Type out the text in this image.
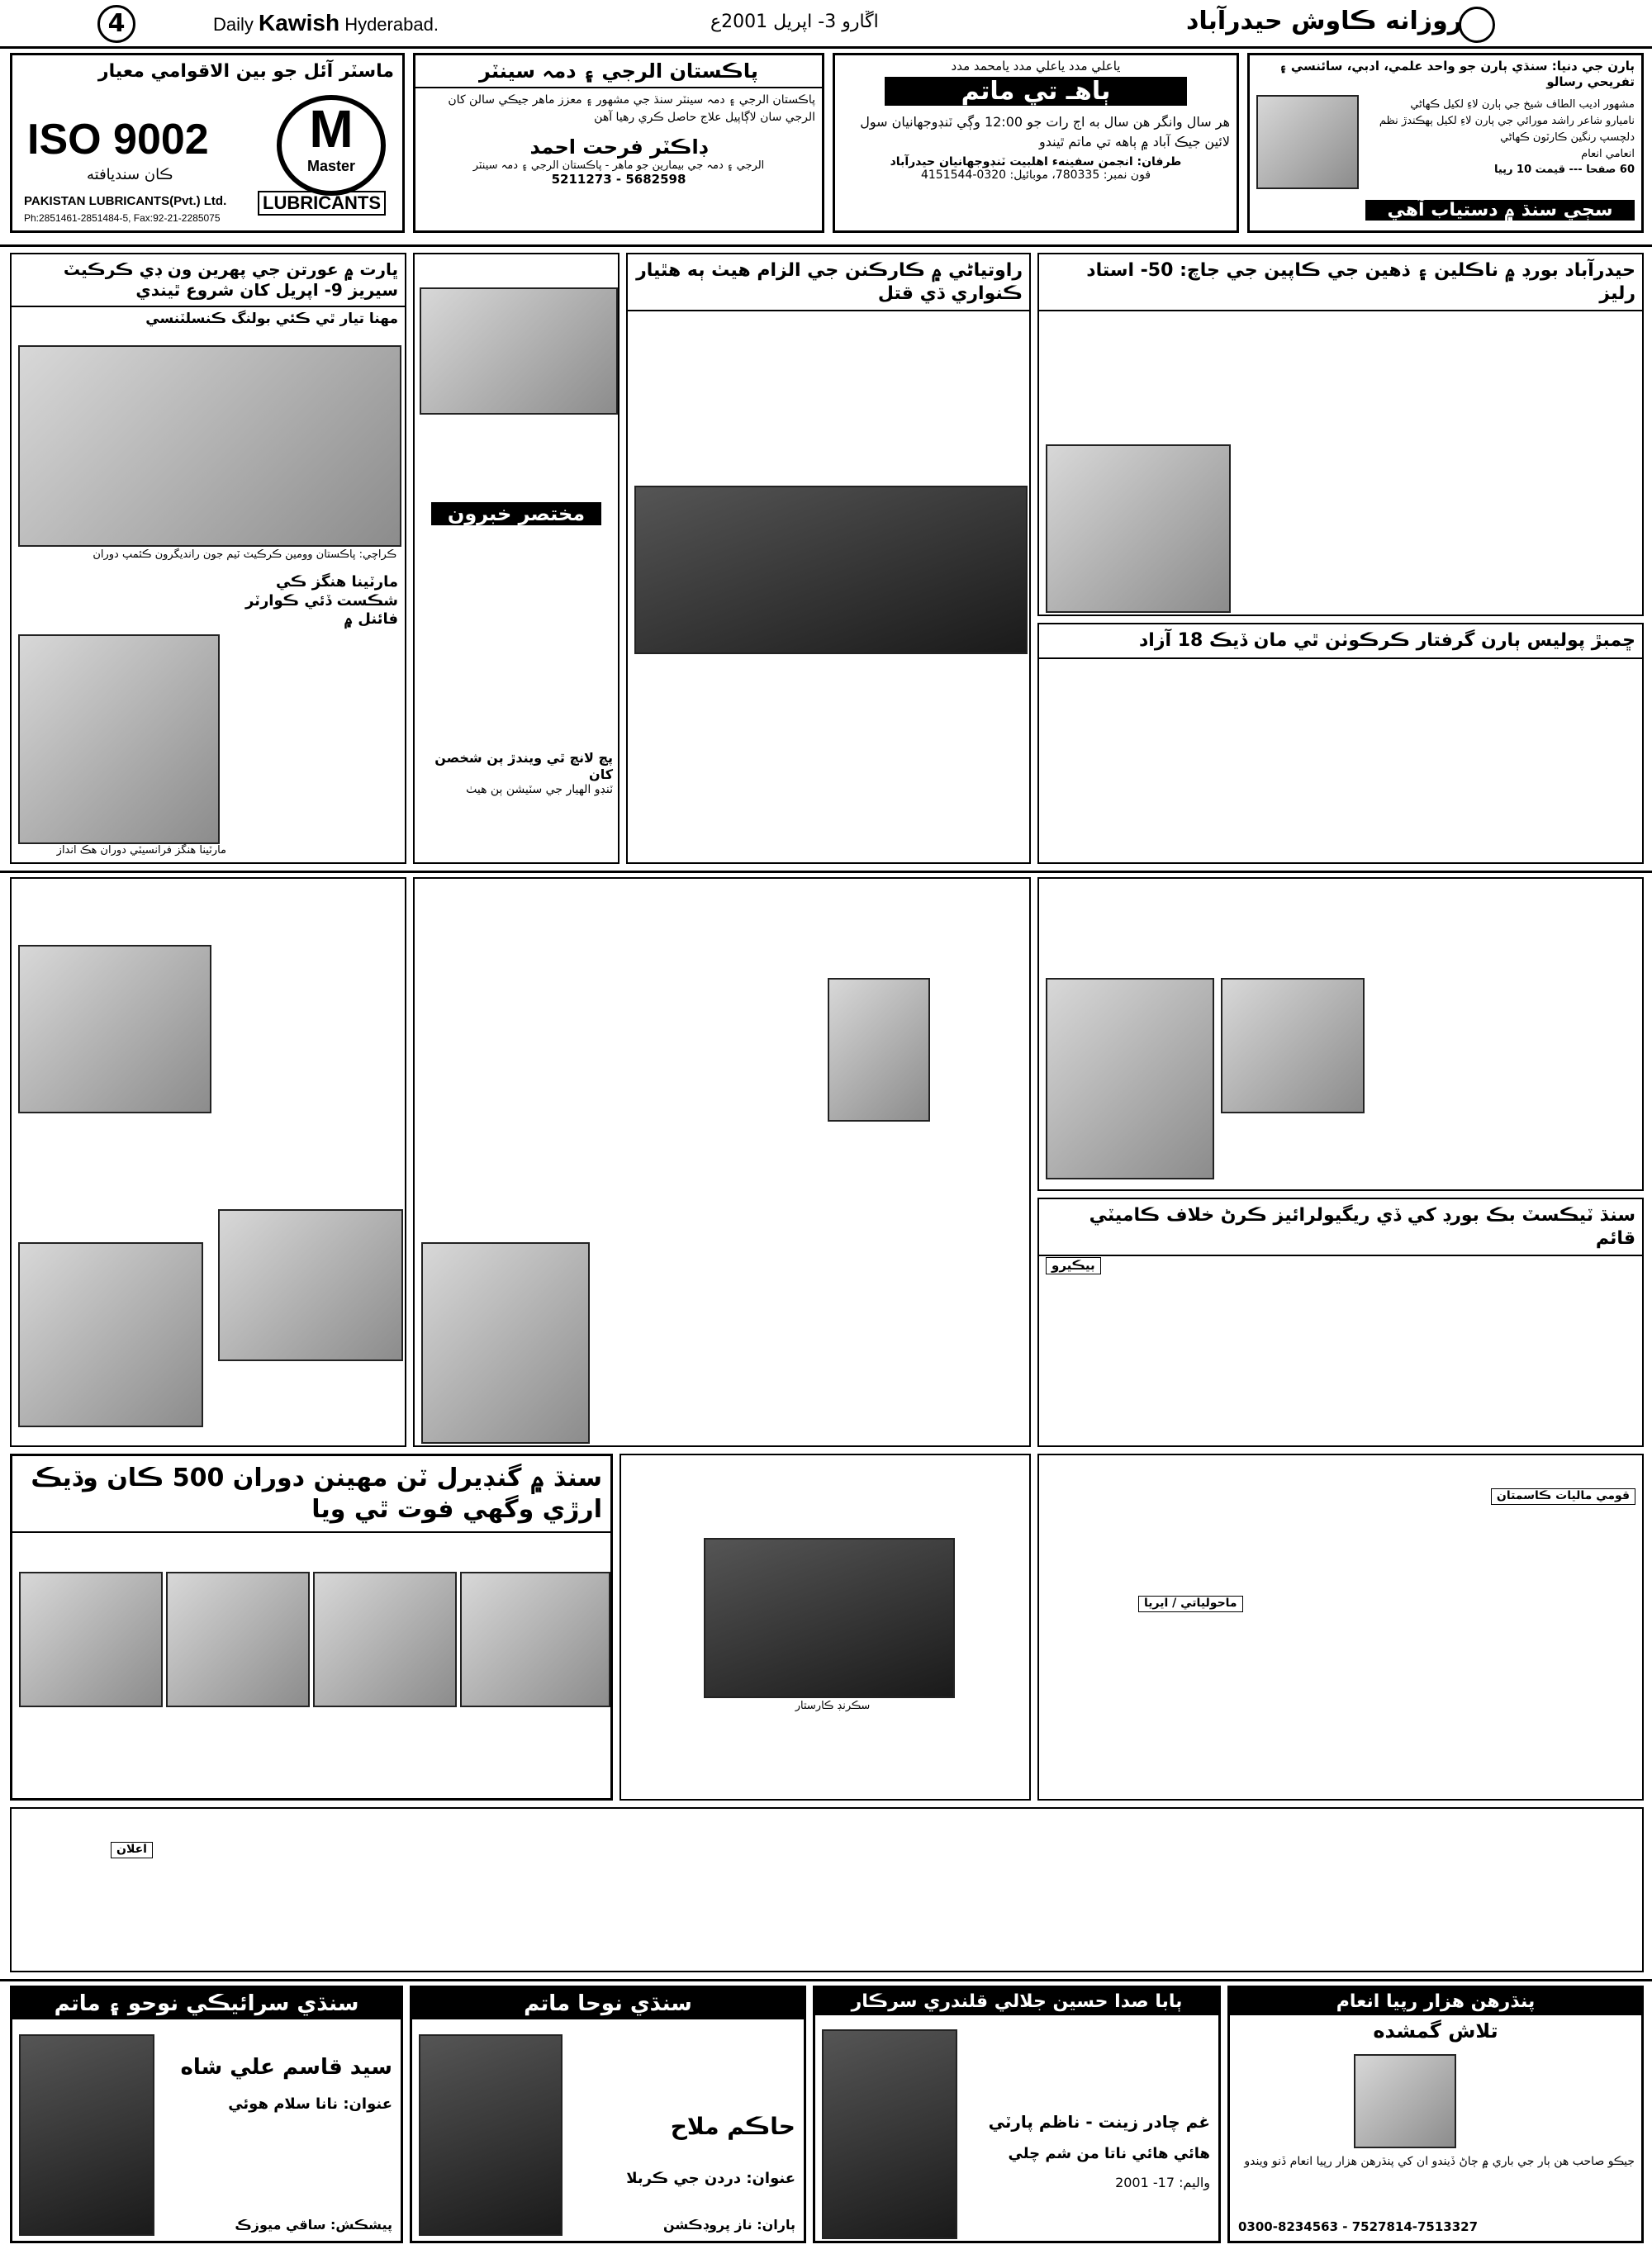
4	Daily Kawish Hyderabad.	اڱارو 3- اپريل 2001ع	روزانه ڪاوش حيدرآباد
ماسٽر آئل جو بين الاقوامي معيار
ISO 9002
ڪان سنديافته
M
Master
LUBRICANTS
PAKISTAN LUBRICANTS(Pvt.) Ltd.
Ph:2851461-2851484-5, Fax:92-21-2285075
پاڪستان الرجي ۽ دمہ سينٽر
پاڪستان الرجي ۽ دمہ سينٽر سنڌ جي مشهور ۽ معزز ماهر جيڪي سالن کان الرجي سان لاڳاپيل علاج حاصل ڪري رهيا آهن
ڊاڪٽر فرحت احمد
الرجي ۽ دمہ جي بيمارين جو ماهر - پاڪستان الرجي ۽ دمہ سينٽر
5211273 - 5682598
ياعلي مدد ياعلي مدد يامحمد مدد
ٻاهـ تي ماتم
هر سال وانگر هن سال به اڄ رات جو 12:00 وڳي ٽنڊوجهانيان سول لائين جيڪ آباد ۾ ٻاهه تي ماتم ٿيندو
طرفان: انجمن سفينهء اهلبيت ٽنڊوجهانيان حيدرآباد
فون نمبر: 780335، موبائيل: 0320-4151544
ٻارن جي دنيا: سنڌي ٻارن جو واحد علمي، ادبي، سائنسي ۽ تفريحي رسالو
مشهور اديب الطاف شيخ جي ٻارن لاءِ لکيل ڪهاڻي
ناميارو شاعر راشد مورائي جي ٻارن لاءِ لکيل ٻهڪندڙ نظم
دلچسپ رنگين ڪارٽون ڪهاڻي
انعامي انعام
60 صفحا --- قيمت 10 رپيا
سڄي سنڌ ۾ دستياب آهي
ڀارت ۾ عورتن جي پهرين ون ڊي ڪرڪيٽ سيريز 9- اپريل کان شروع ٿيندي
مهنا تيار ٿي ڪئي بولنگ ڪنسلٽنسي
ڪراچي: پاڪستان وومين ڪرڪيٽ ٽيم جون رانديگرون ڪئمپ دوران
مارٽينا هنگز ڪي شڪست ڏئي ڪوارٽر فائنل ۾
مارٽينا هنگز فرانسيٽي دوران هڪ انداز
مختصر خبرون
پچ لانچ ٿي ويندڙ ٻن شخصن کان
ٽنڊو الهيار جي سٽيشن ٻن هيٺ
راوتياڻي ۾ ڪارڪنن جي الزام هيٺ ٻه هٿيار ڪنواري ڌي قتل
حيدرآباد بورڊ ۾ ناڪلين ۽ ذهين جي ڪاپين جي جاچ: 50- استاد رليز
ڇمبڙ پوليس ٻارن گرفتار ڪرڪوٺن ٿي مان ڏيڪ 18 آزاد
سنڌ ٽيڪسٽ بڪ بورڊ کي ڏي ريگيولرائيز ڪرڻ خلاف ڪاميٽي قائم
بيڪيرو
سنڌ ۾ گنڊيرل ٽن مهينن دوران 500 ڪان وڌيڪ ارڙي وگهي فوت ٿي ويا
سڪرنڊ ڪارستار
قومي ماليات ڪاسمتان
ماحولياتي / ايريا
اعلان
سنڌي سرائيڪي نوحو ۽ ماتم
سيد قاسم علي شاه
عنوان: نانا سلام هوئي
پيشڪش: ساقي ميوزڪ
سنڌي نوحا ماتم
حاڪم ملاح
عنوان: دردن جي ڪربلا
ٻاران: ناز پروڊڪشن
ٻابا صدا حسين جلالي قلندري سرڪار
غم چادر زينت - ناظم پارٽي
هائي هائي ناتا من شم چلي
واليم: 17- 2001
پنڌرهن هزار رپيا انعام
تلاش گمشده
جيڪو صاحب هن ٻار جي باري ۾ ڄاڻ ڏيندو ان کي پنڌرهن هزار رپيا انعام ڏنو ويندو
0300-8234563 - 7527814-7513327
